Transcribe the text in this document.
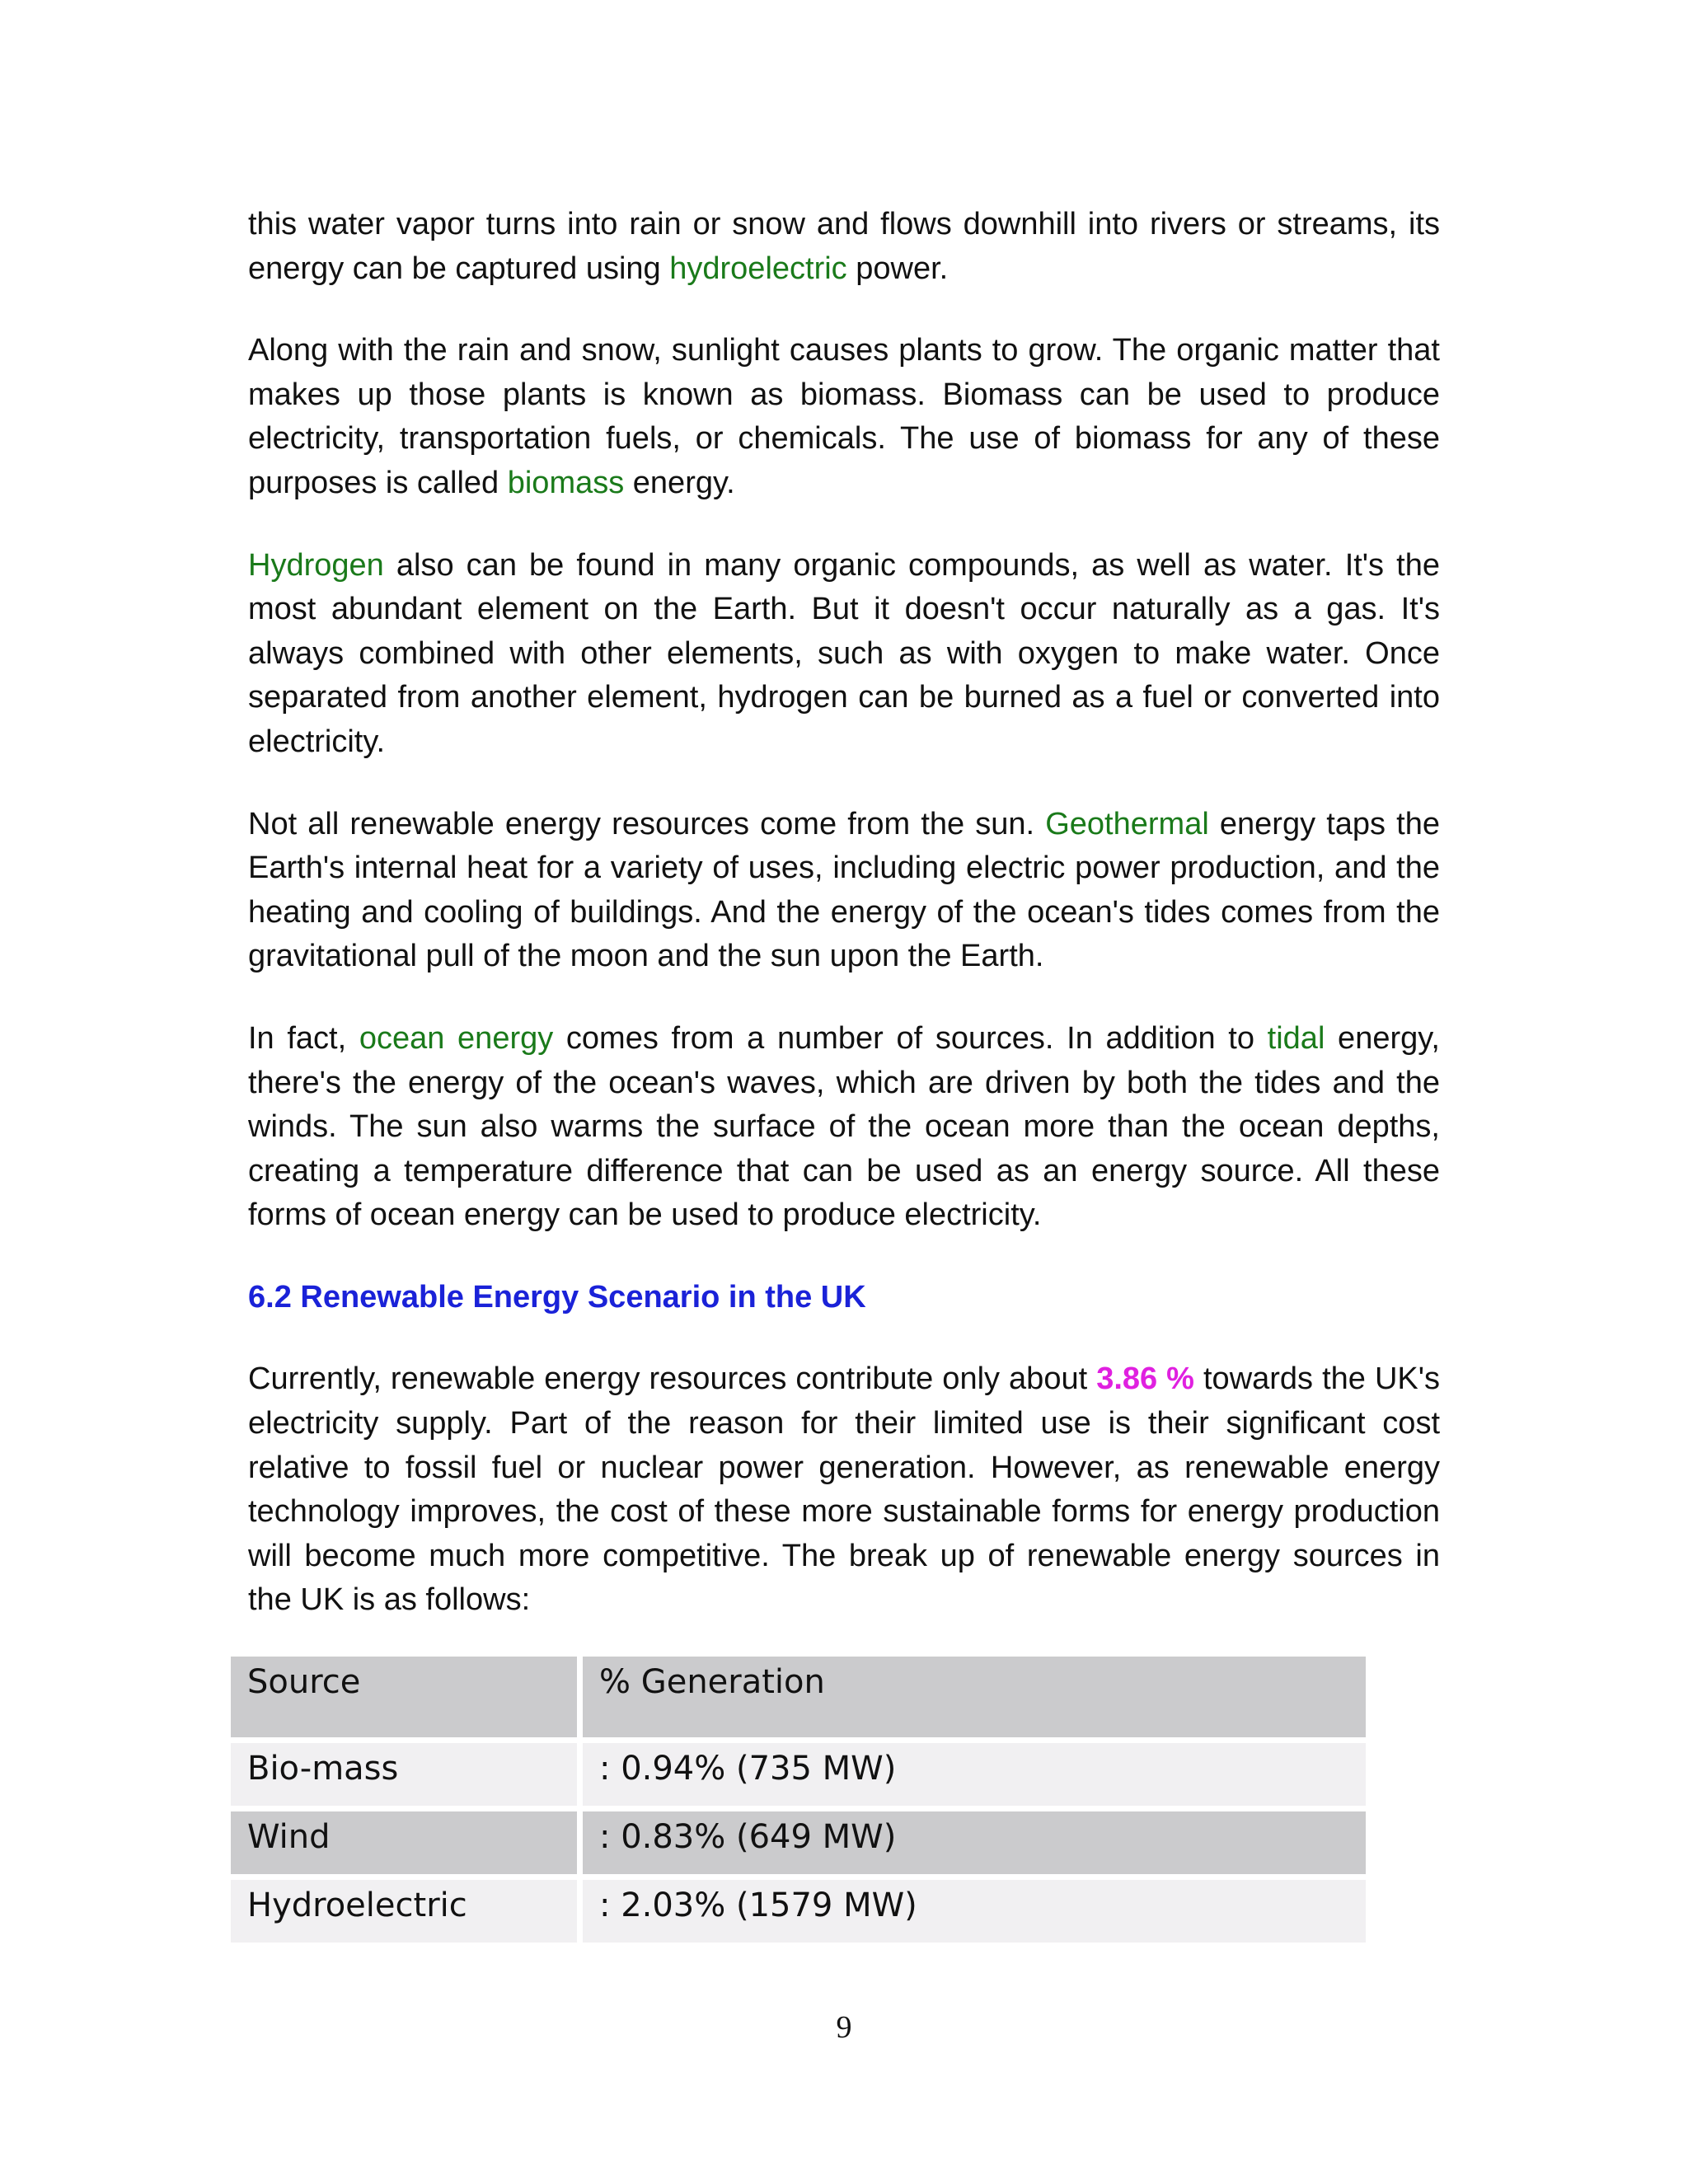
this water vapor turns into rain or snow and flows downhill into rivers or streams, its energy can be captured using hydroelectric power.

Along with the rain and snow, sunlight causes plants to grow. The organic matter that makes up those plants is known as biomass. Biomass can be used to produce electricity, transportation fuels, or chemicals. The use of biomass for any of these purposes is called biomass energy.

Hydrogen also can be found in many organic compounds, as well as water. It's the most abundant element on the Earth. But it doesn't occur naturally as a gas. It's always combined with other elements, such as with oxygen to make water. Once separated from another element, hydrogen can be burned as a fuel or converted into electricity.

Not all renewable energy resources come from the sun. Geothermal energy taps the Earth's internal heat for a variety of uses, including electric power production, and the heating and cooling of buildings. And the energy of the ocean's tides comes from the gravitational pull of the moon and the sun upon the Earth.

In fact, ocean energy comes from a number of sources. In addition to tidal energy, there's the energy of the ocean's waves, which are driven by both the tides and the winds. The sun also warms the surface of the ocean more than the ocean depths, creating a temperature difference that can be used as an energy source. All these forms of ocean energy can be used to produce electricity.

6.2 Renewable Energy Scenario in the UK

Currently, renewable energy resources contribute only about 3.86 % towards the UK's electricity supply. Part of the reason for their limited use is their significant cost relative to fossil fuel or nuclear power generation. However, as renewable energy technology improves, the cost of these more sustainable forms for energy production will become much more competitive. The break up of renewable energy sources in the UK is as follows:

Source	% Generation
Bio-mass	: 0.94% (735 MW)
Wind	: 0.83% (649 MW)
Hydroelectric	: 2.03% (1579 MW)
9
